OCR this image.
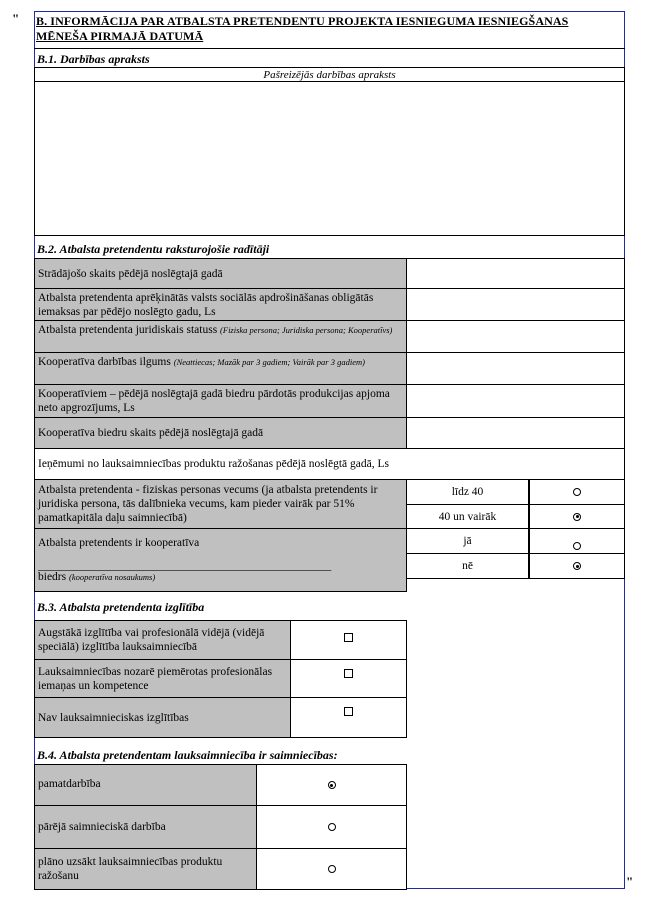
"
"
B. INFORMĀCIJA PAR ATBALSTA PRETENDENTU PROJEKTA IESNIEGUMA IESNIEGŠANAS
MĒNEŠA PIRMAJĀ DATUMĀ
B.1. Darbības apraksts
Pašreizējās darbības apraksts
B.2. Atbalsta pretendentu raksturojošie radītāji
Strādājošo skaits pēdējā noslēgtajā gadā
Atbalsta pretendenta aprēķinātās valsts sociālās apdrošināšanas obligātās iemaksas par pēdējo noslēgto gadu, Ls
Atbalsta pretendenta juridiskais statuss (Fiziska persona; Juridiska persona; Kooperatīvs)
Kooperatīva darbības ilgums (Neattiecas; Mazāk par 3 gadiem; Vairāk par 3 gadiem)
Kooperatīviem – pēdējā noslēgtajā gadā biedru pārdotās produkcijas apjoma neto apgrozījums, Ls
Kooperatīva biedru skaits pēdējā noslēgtajā gadā
Ieņēmumi no lauksaimniecības produktu ražošanas pēdējā noslēgtā gadā, Ls
Atbalsta pretendenta - fiziskas personas vecums (ja atbalsta pretendents ir juridiska persona, tās dalībnieka vecums, kam pieder vairāk par 51% pamatkapitāla daļu saimniecībā)
līdz 40
40 un vairāk
Atbalsta pretendents ir kooperatīva
___________________________________________________
biedrs (kooperatīva nosaukums)
jā
nē
B.3. Atbalsta pretendenta izglītība
Augstākā izglītība vai profesionālā vidējā (vidējā speciālā) izglītība lauksaimniecībā
Lauksaimniecības nozarē piemērotas profesionālas iemaņas un kompetence
Nav lauksaimnieciskas izglītības
B.4. Atbalsta pretendentam lauksaimniecība ir saimniecības:
pamatdarbība
pārējā saimnieciskā darbība
plāno uzsākt lauksaimniecības produktu ražošanu
